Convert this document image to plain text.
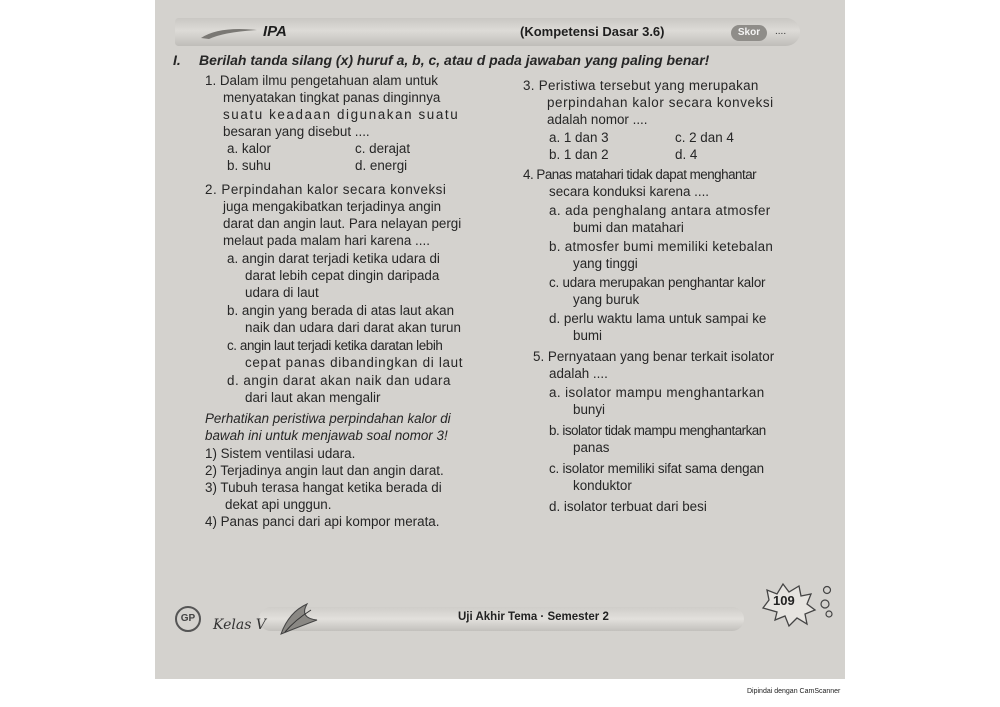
IPA	(Kompetensi Dasar 3.6)	Skor	....
I. Berilah tanda silang (x) huruf a, b, c, atau d pada jawaban yang paling benar!
1. Dalam ilmu pengetahuan alam untuk
menyatakan tingkat panas dinginnya
suatu keadaan digunakan suatu
besaran yang disebut ....
a. kalor
b. suhu
c. derajat
d. energi
2. Perpindahan kalor secara konveksi
juga mengakibatkan terjadinya angin
darat dan angin laut. Para nelayan pergi
melaut pada malam hari karena ....
a. angin darat terjadi ketika udara di
darat lebih cepat dingin daripada
udara di laut
b. angin yang berada di atas laut akan
naik dan udara dari darat akan turun
c. angin laut terjadi ketika daratan lebih
cepat panas dibandingkan di laut
d. angin darat akan naik dan udara
dari laut akan mengalir
Perhatikan peristiwa perpindahan kalor di
bawah ini untuk menjawab soal nomor 3!
1) Sistem ventilasi udara.
2) Terjadinya angin laut dan angin darat.
3) Tubuh terasa hangat ketika berada di
dekat api unggun.
4) Panas panci dari api kompor merata.
3. Peristiwa tersebut yang merupakan
perpindahan kalor secara konveksi
adalah nomor ....
a. 1 dan 3
b. 1 dan 2
c. 2 dan 4
d. 4
4. Panas matahari tidak dapat menghantar
secara konduksi karena ....
a. ada penghalang antara atmosfer
bumi dan matahari
b. atmosfer bumi memiliki ketebalan
yang tinggi
c. udara merupakan penghantar kalor
yang buruk
d. perlu waktu lama untuk sampai ke
bumi
5. Pernyataan yang benar terkait isolator
adalah ....
a. isolator mampu menghantarkan
bunyi
b. isolator tidak mampu menghantarkan
panas
c. isolator memiliki sifat sama dengan
konduktor
d. isolator terbuat dari besi
GP	Kelas V	Uji Akhir Tema · Semester 2
109
Dipindai dengan CamScanner
